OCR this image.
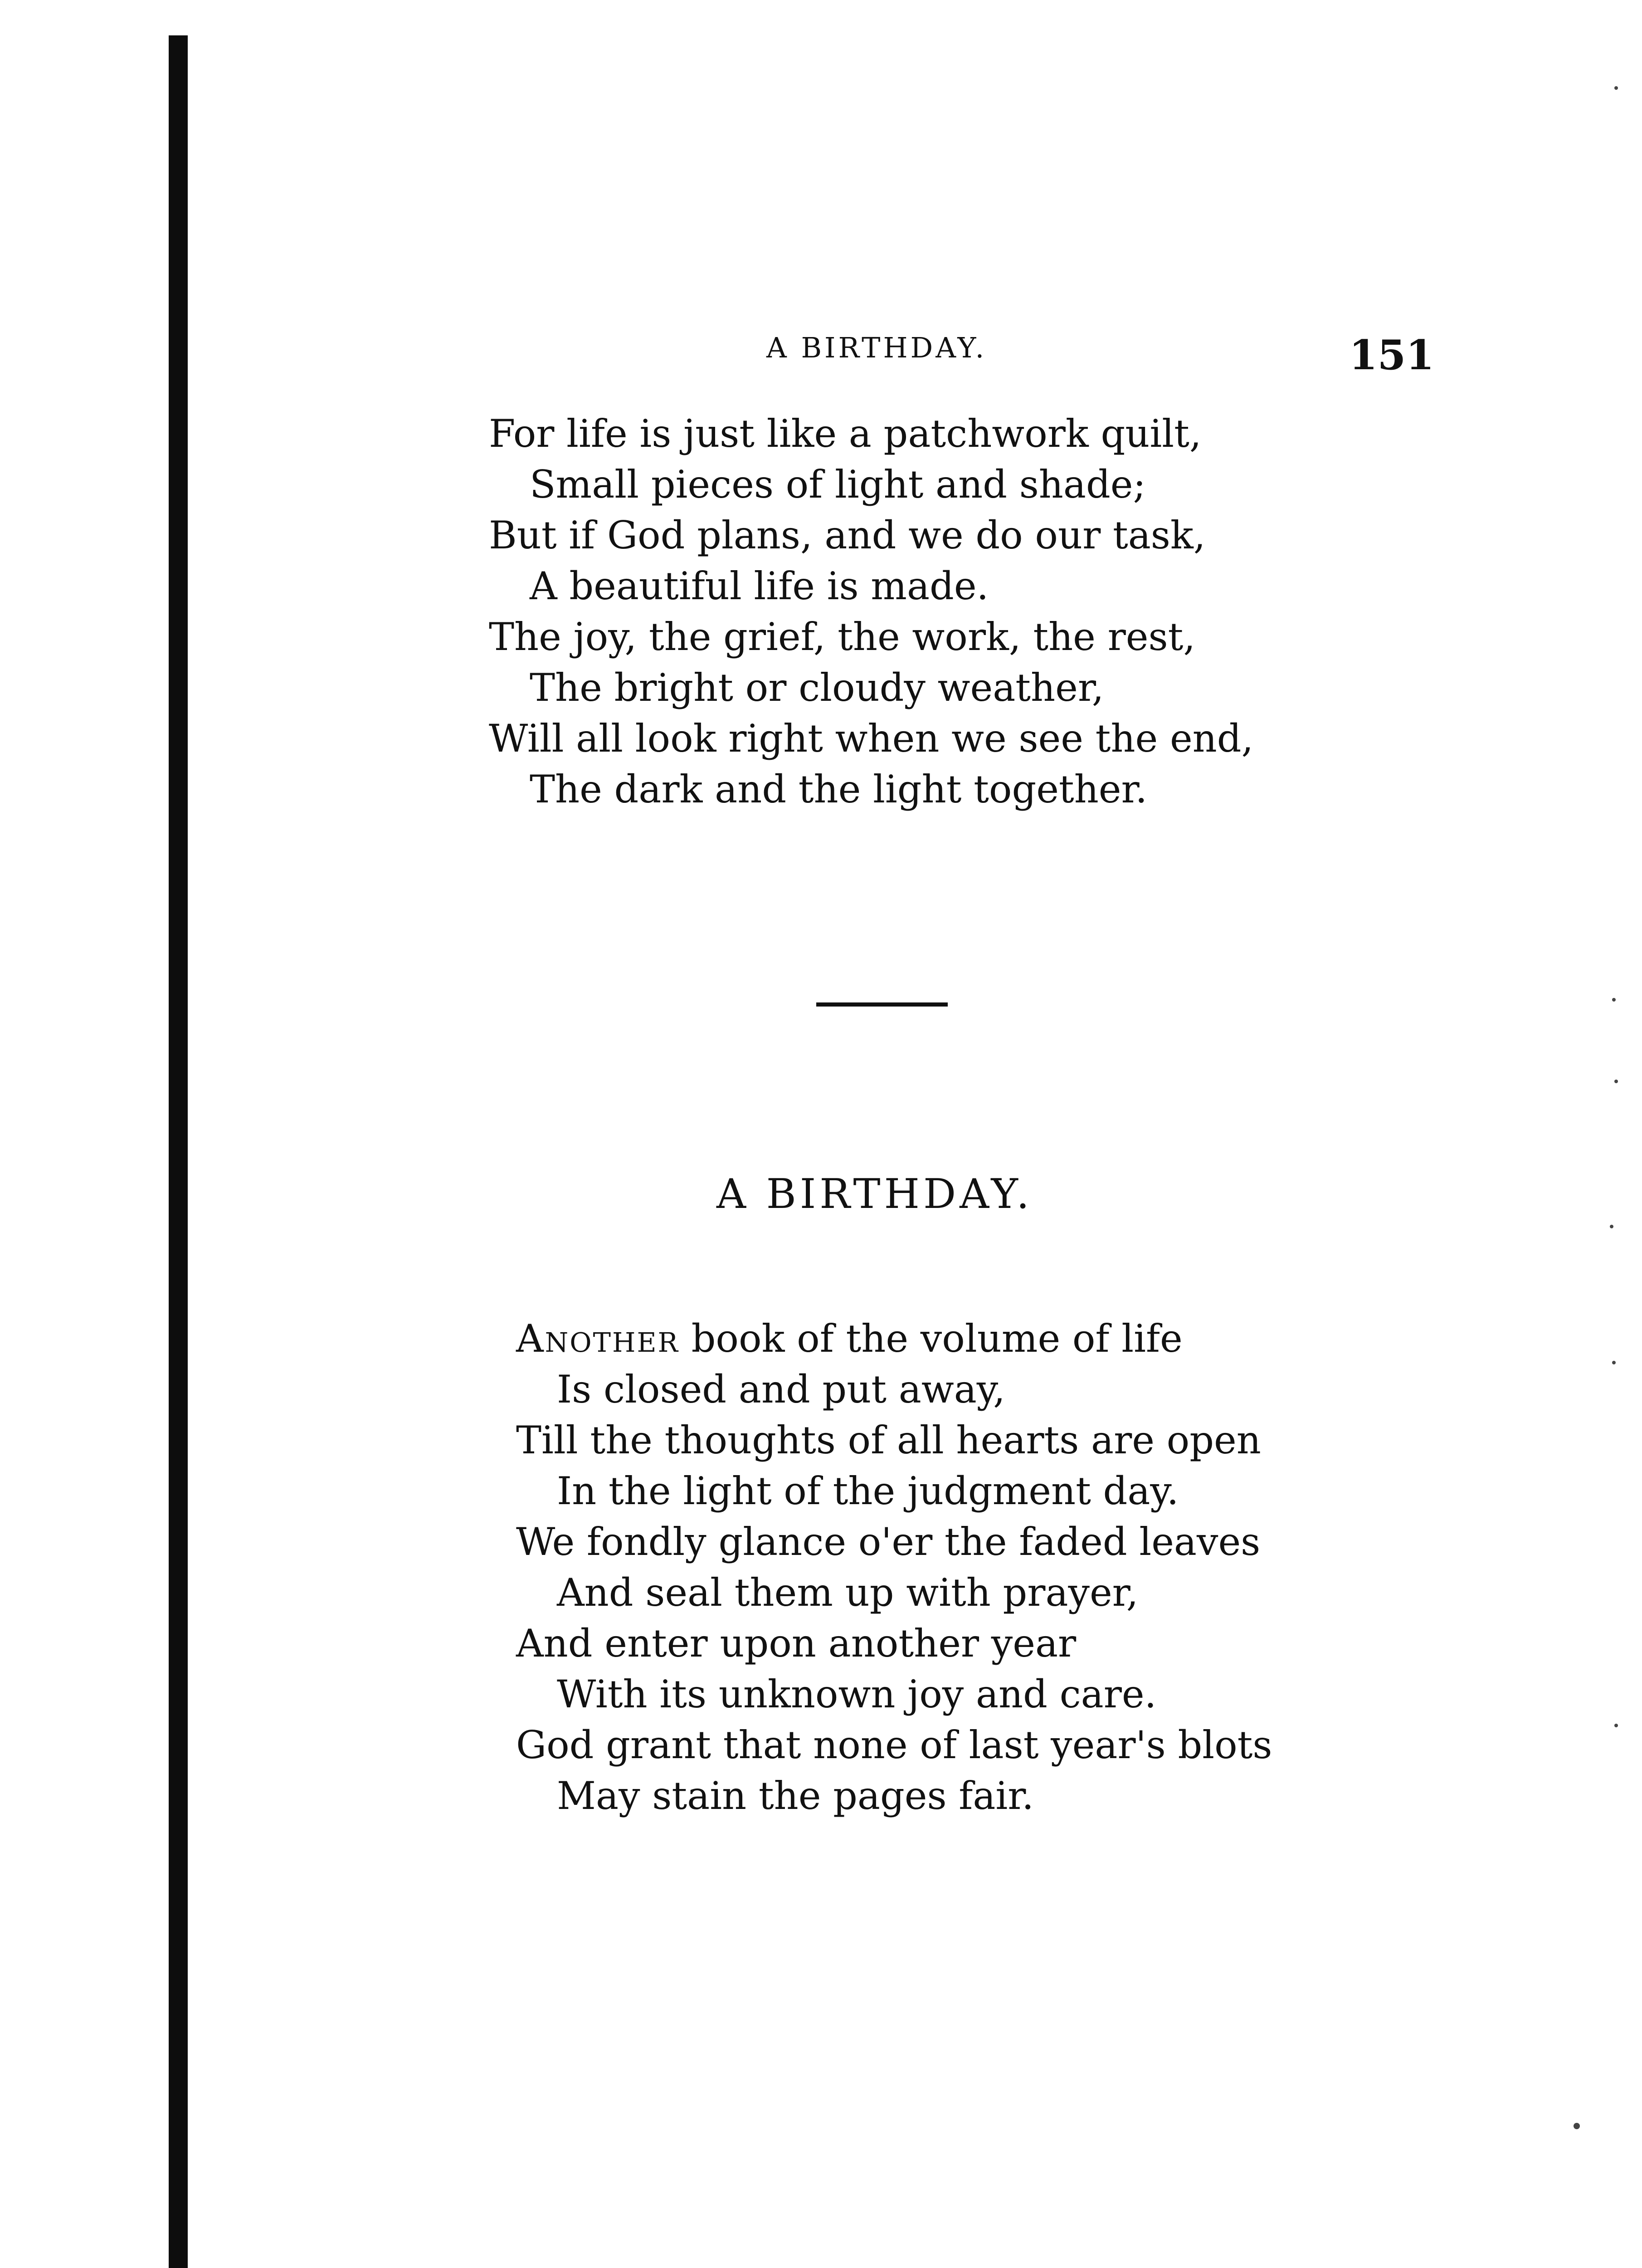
A BIRTHDAY.	151
For life is just like a patchwork quilt,
Small pieces of light and shade;
But if God plans, and we do our task,
A beautiful life is made.
The joy, the grief, the work, the rest,
The bright or cloudy weather,
Will all look right when we see the end,
The dark and the light together.
A BIRTHDAY.
Another book of the volume of life
Is closed and put away,
Till the thoughts of all hearts are open
In the light of the judgment day.
We fondly glance o'er the faded leaves
And seal them up with prayer,
And enter upon another year
With its unknown joy and care.
God grant that none of last year's blots
May stain the pages fair.
